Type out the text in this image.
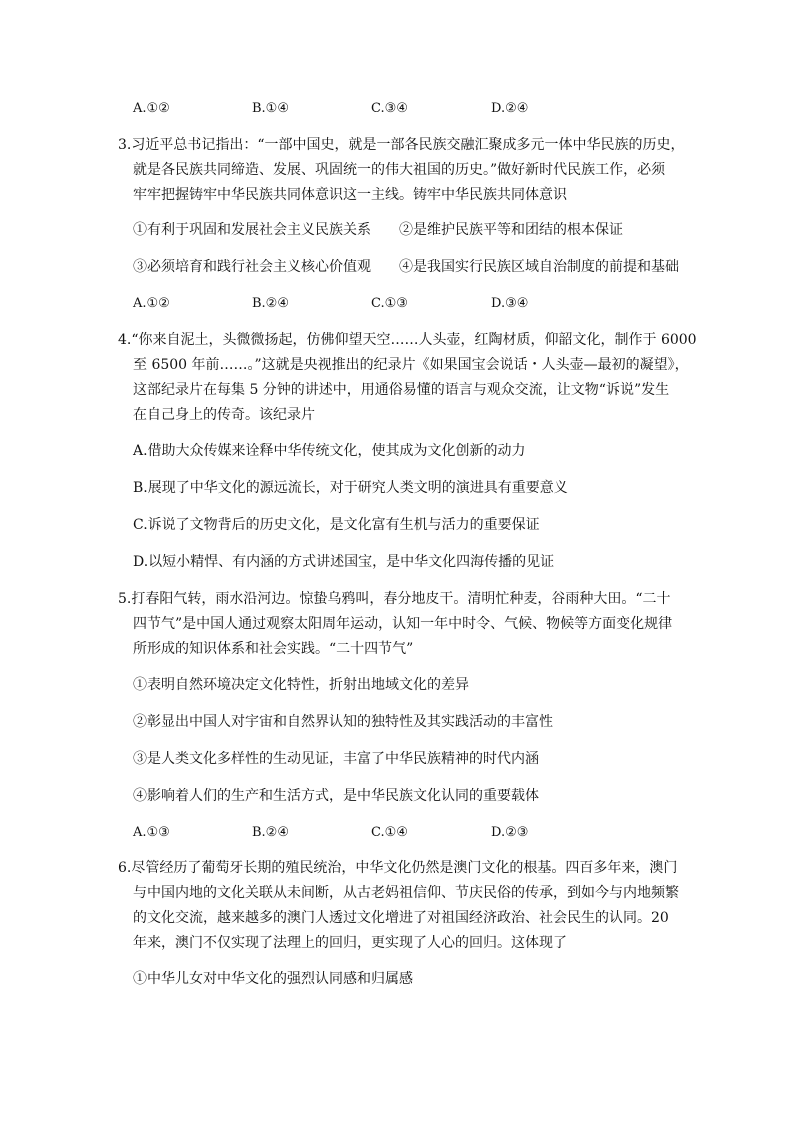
A.①②	B.①④	C.③④	D.②④
3.习近平总书记指出：“一部中国史，就是一部各民族交融汇聚成多元一体中华民族的历史，
就是各民族共同缔造、发展、巩固统一的伟大祖国的历史。”做好新时代民族工作，必须
牢牢把握铸牢中华民族共同体意识这一主线。铸牢中华民族共同体意识
①有利于巩固和发展社会主义民族关系　　②是维护民族平等和团结的根本保证
③必须培育和践行社会主义核心价值观　　④是我国实行民族区域自治制度的前提和基础
A.①②	B.②④	C.①③	D.③④
4.“你来自泥土，头微微扬起，仿佛仰望天空……人头壶，红陶材质，仰韶文化，制作于 6000
至 6500 年前……。”这就是央视推出的纪录片《如果国宝会说话・人头壶—最初的凝望》，
这部纪录片在每集 5 分钟的讲述中，用通俗易懂的语言与观众交流，让文物“诉说”发生
在自己身上的传奇。该纪录片
A.借助大众传媒来诠释中华传统文化，使其成为文化创新的动力
B.展现了中华文化的源远流长，对于研究人类文明的演进具有重要意义
C.诉说了文物背后的历史文化，是文化富有生机与活力的重要保证
D.以短小精悍、有内涵的方式讲述国宝，是中华文化四海传播的见证
5.打春阳气转，雨水沿河边。惊蛰乌鸦叫，春分地皮干。清明忙种麦，谷雨种大田。“二十
四节气”是中国人通过观察太阳周年运动，认知一年中时令、气候、物候等方面变化规律
所形成的知识体系和社会实践。“二十四节气”
①表明自然环境决定文化特性，折射出地域文化的差异
②彰显出中国人对宇宙和自然界认知的独特性及其实践活动的丰富性
③是人类文化多样性的生动见证，丰富了中华民族精神的时代内涵
④影响着人们的生产和生活方式，是中华民族文化认同的重要载体
A.①③	B.②④	C.①④	D.②③
6.尽管经历了葡萄牙长期的殖民统治，中华文化仍然是澳门文化的根基。四百多年来，澳门
与中国内地的文化关联从未间断，从古老妈祖信仰、节庆民俗的传承，到如今与内地频繁
的文化交流，越来越多的澳门人透过文化增进了对祖国经济政治、社会民生的认同。20
年来，澳门不仅实现了法理上的回归，更实现了人心的回归。这体现了
①中华儿女对中华文化的强烈认同感和归属感
